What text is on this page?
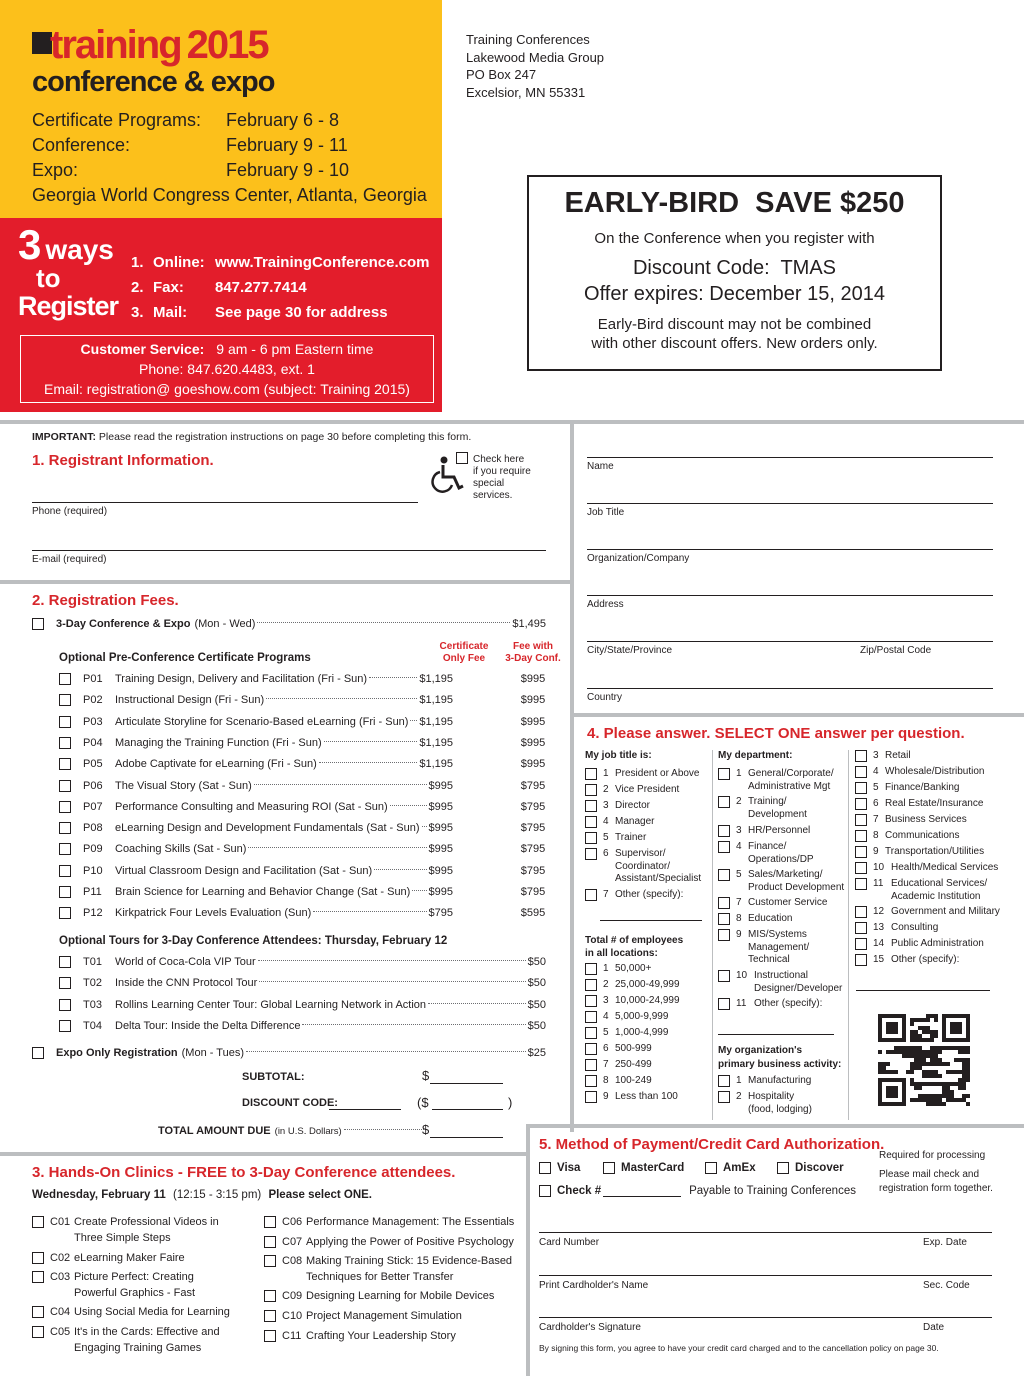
training 2015
conference & expo
Certificate Programs:	February 6 - 8
Conference:	February 9 - 11
Expo:	February 9 - 10
Georgia World Congress Center, Atlanta, Georgia
3 ways
to
Register
1. Online: www.TrainingConference.com
2. Fax:	847.277.7414
3. Mail:	See page 30 for address
Customer Service: 9 am - 6 pm Eastern time
Phone: 847.620.4483, ext. 1
Email: registration@ goeshow.com (subject: Training 2015)
Training Conferences
Lakewood Media Group
PO Box 247
Excelsior, MN 55331
EARLY-BIRD  SAVE $250
On the Conference when you register with
Discount Code:  TMAS
Offer expires: December 15, 2014
Early-Bird discount may not be combined
with other discount offers. New orders only.
IMPORTANT: Please read the registration instructions on page 30 before completing this form.
1. Registrant Information.	Check here
if you require
special
services.
Phone (required)
E-mail (required)
Name
Job Title
Organization/Company
Address
City/State/Province	Zip/Postal Code
Country
2. Registration Fees.
3-Day Conference & Expo (Mon - Wed)	$1,495
Certificate
Only Fee
Fee with
3-Day Conf.
Optional Pre-Conference Certificate Programs
P01	Training Design, Delivery and Facilitation (Fri - Sun)	$1,195	$995
P02	Instructional Design (Fri - Sun)	$1,195	$995
P03	Articulate Storyline for Scenario-Based eLearning (Fri - Sun) $1,195	$995
P04	Managing the Training Function (Fri - Sun)	$1,195	$995
P05	Adobe Captivate for eLearning (Fri - Sun)	$1,195	$995
P06	The Visual Story (Sat - Sun)	$995	$795
P07	Performance Consulting and Measuring ROI (Sat - Sun)	$995	$795
P08	eLearning Design and Development Fundamentals (Sat - Sun) $995	$795
P09	Coaching Skills (Sat - Sun)	$995	$795
P10	Virtual Classroom Design and Facilitation (Sat - Sun)	$995	$795
P11	Brain Science for Learning and Behavior Change (Sat - Sun) $995	$795
P12	Kirkpatrick Four Levels Evaluation (Sun)	$795	$595
Optional Tours for 3-Day Conference Attendees: Thursday, February 12
T01	World of Coca-Cola VIP Tour	$50
T02	Inside the CNN Protocol Tour	$50
T03	Rollins Learning Center Tour: Global Learning Network in Action	$50
T04	Delta Tour: Inside the Delta Difference	$50
Expo Only Registration (Mon - Tues)	$25
SUBTOTAL:	$
DISCOUNT CODE:	($	)
TOTAL AMOUNT DUE (in U.S. Dollars)	$
3. Hands-On Clinics - FREE to 3-Day Conference attendees.
Wednesday, February 11 (12:15 - 3:15 pm) Please select ONE.
C01 Create Professional Videos in
Three Simple Steps
C02 eLearning Maker Faire
C03 Picture Perfect: Creating
Powerful Graphics - Fast
C04 Using Social Media for Learning
C05 It's in the Cards: Effective and
Engaging Training Games
C06 Performance Management: The Essentials
C07 Applying the Power of Positive Psychology
C08 Making Training Stick: 15 Evidence-Based
Techniques for Better Transfer
C09 Designing Learning for Mobile Devices
C10 Project Management Simulation
C11 Crafting Your Leadership Story
4. Please answer. SELECT ONE answer per question.
My job title is:	My department:
1 President or Above
2 Vice President
3 Director
4 Manager
5 Trainer
6 Supervisor/
Coordinator/
Assistant/Specialist
7 Other (specify):
Total # of employees
in all locations:
1 50,000+
2 25,000-49,999
3 10,000-24,999
4 5,000-9,999
5 1,000-4,999
6 500-999
7 250-499
8 100-249
9 Less than 100
1 General/Corporate/
Administrative Mgt
2 Training/
Development
3 HR/Personnel
4 Finance/
Operations/DP
5 Sales/Marketing/
Product Development
7 Customer Service
8 Education
9 MIS/Systems
Management/
Technical
10 Instructional
Designer/Developer
11 Other (specify):
My organization's
primary business activity:
1 Manufacturing
2 Hospitality
(food, lodging)
3 Retail
4 Wholesale/Distribution
5 Finance/Banking
6 Real Estate/Insurance
7 Business Services
8 Communications
9 Transportation/Utilities
10 Health/Medical Services
11 Educational Services/
Academic Institution
12 Government and Military
13 Consulting
14 Public Administration
15 Other (specify):
5. Method of Payment/Credit Card Authorization.
Required for processing
Please mail check and
registration form together.
Visa	MasterCard	AmEx	Discover
Check #	Payable to Training Conferences
Card Number	Exp. Date
Print Cardholder's Name	Sec. Code
Cardholder's Signature	Date
By signing this form, you agree to have your credit card charged and to the cancellation policy on page 30.
